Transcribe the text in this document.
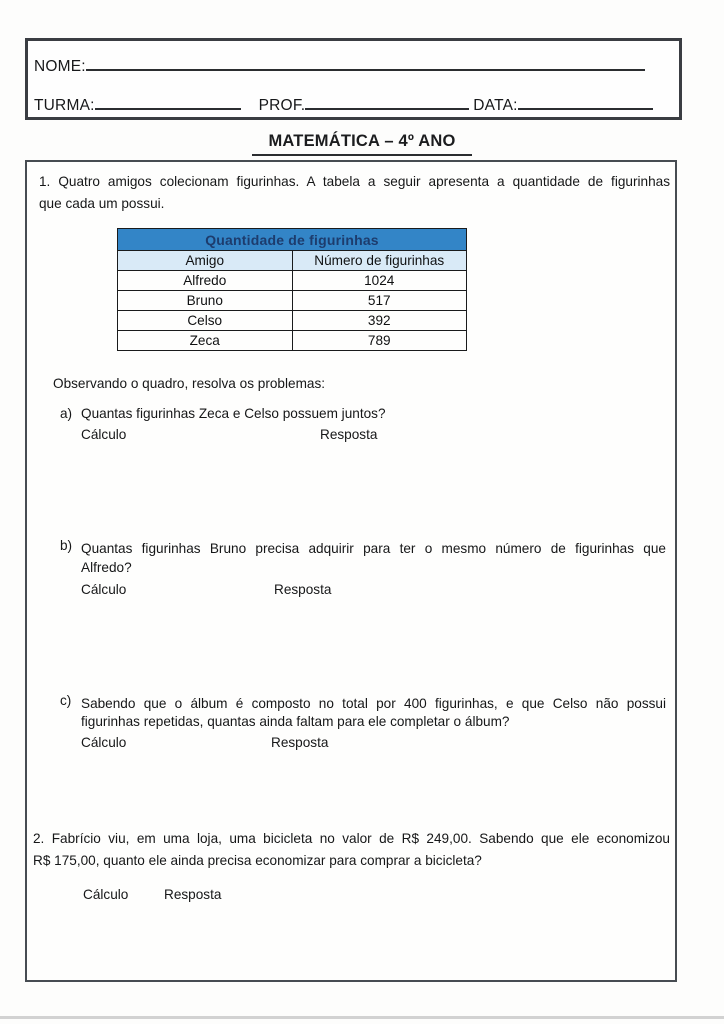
NOME:
TURMA:	PROF.	DATA:
MATEMÁTICA – 4º ANO
1. Quatro amigos colecionam figurinhas. A tabela a seguir apresenta a quantidade de figurinhas
que cada um possui.
Quantidade de figurinhas	
Amigo	Número de figurinhas
Alfredo	1024
Bruno	517
Celso	392
Zeca	789
Observando o quadro, resolva os problemas:
a) Quantas figurinhas Zeca e Celso possuem juntos?
Cálculo	Resposta
b) Quantas figurinhas Bruno precisa adquirir para ter o mesmo número de figurinhas que
Alfredo?
Cálculo	Resposta
c) Sabendo que o álbum é composto no total por 400 figurinhas, e que Celso não possui
figurinhas repetidas, quantas ainda faltam para ele completar o álbum?
Cálculo	Resposta
2. Fabrício viu, em uma loja, uma bicicleta no valor de R$ 249,00. Sabendo que ele economizou
R$ 175,00, quanto ele ainda precisa economizar para comprar a bicicleta?
Cálculo	Resposta
